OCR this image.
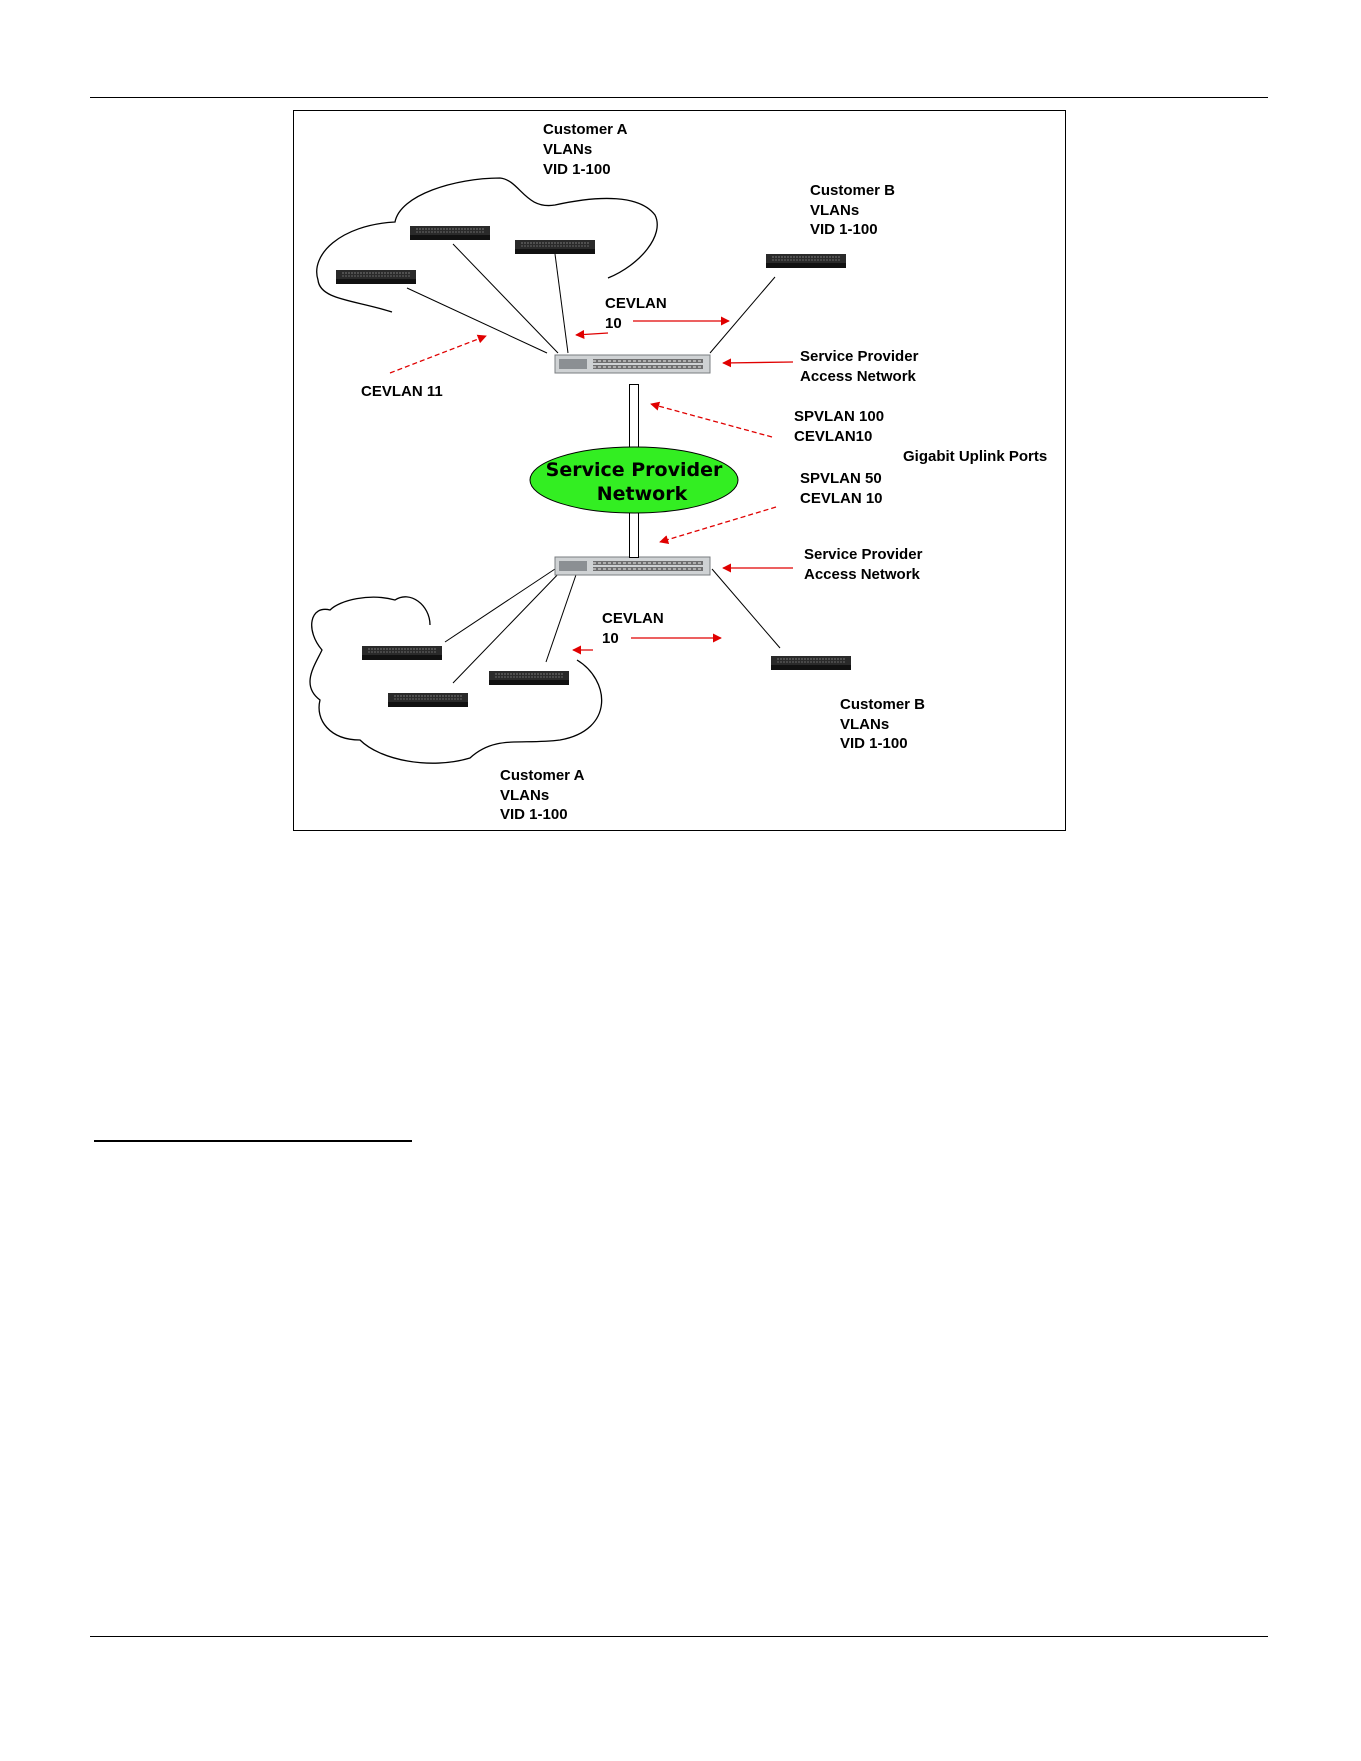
Service Provider
Network
Customer A VLANs VID 1-100
Customer B VLANs VID 1-100
CEVLAN 10
CEVLAN 11
Service Provider Access Network
SPVLAN 100 CEVLAN10
Gigabit Uplink Ports
SPVLAN 50 CEVLAN 10
Service Provider Access Network
CEVLAN 10
Customer B VLANs VID 1-100
Customer A VLANs VID 1-100
